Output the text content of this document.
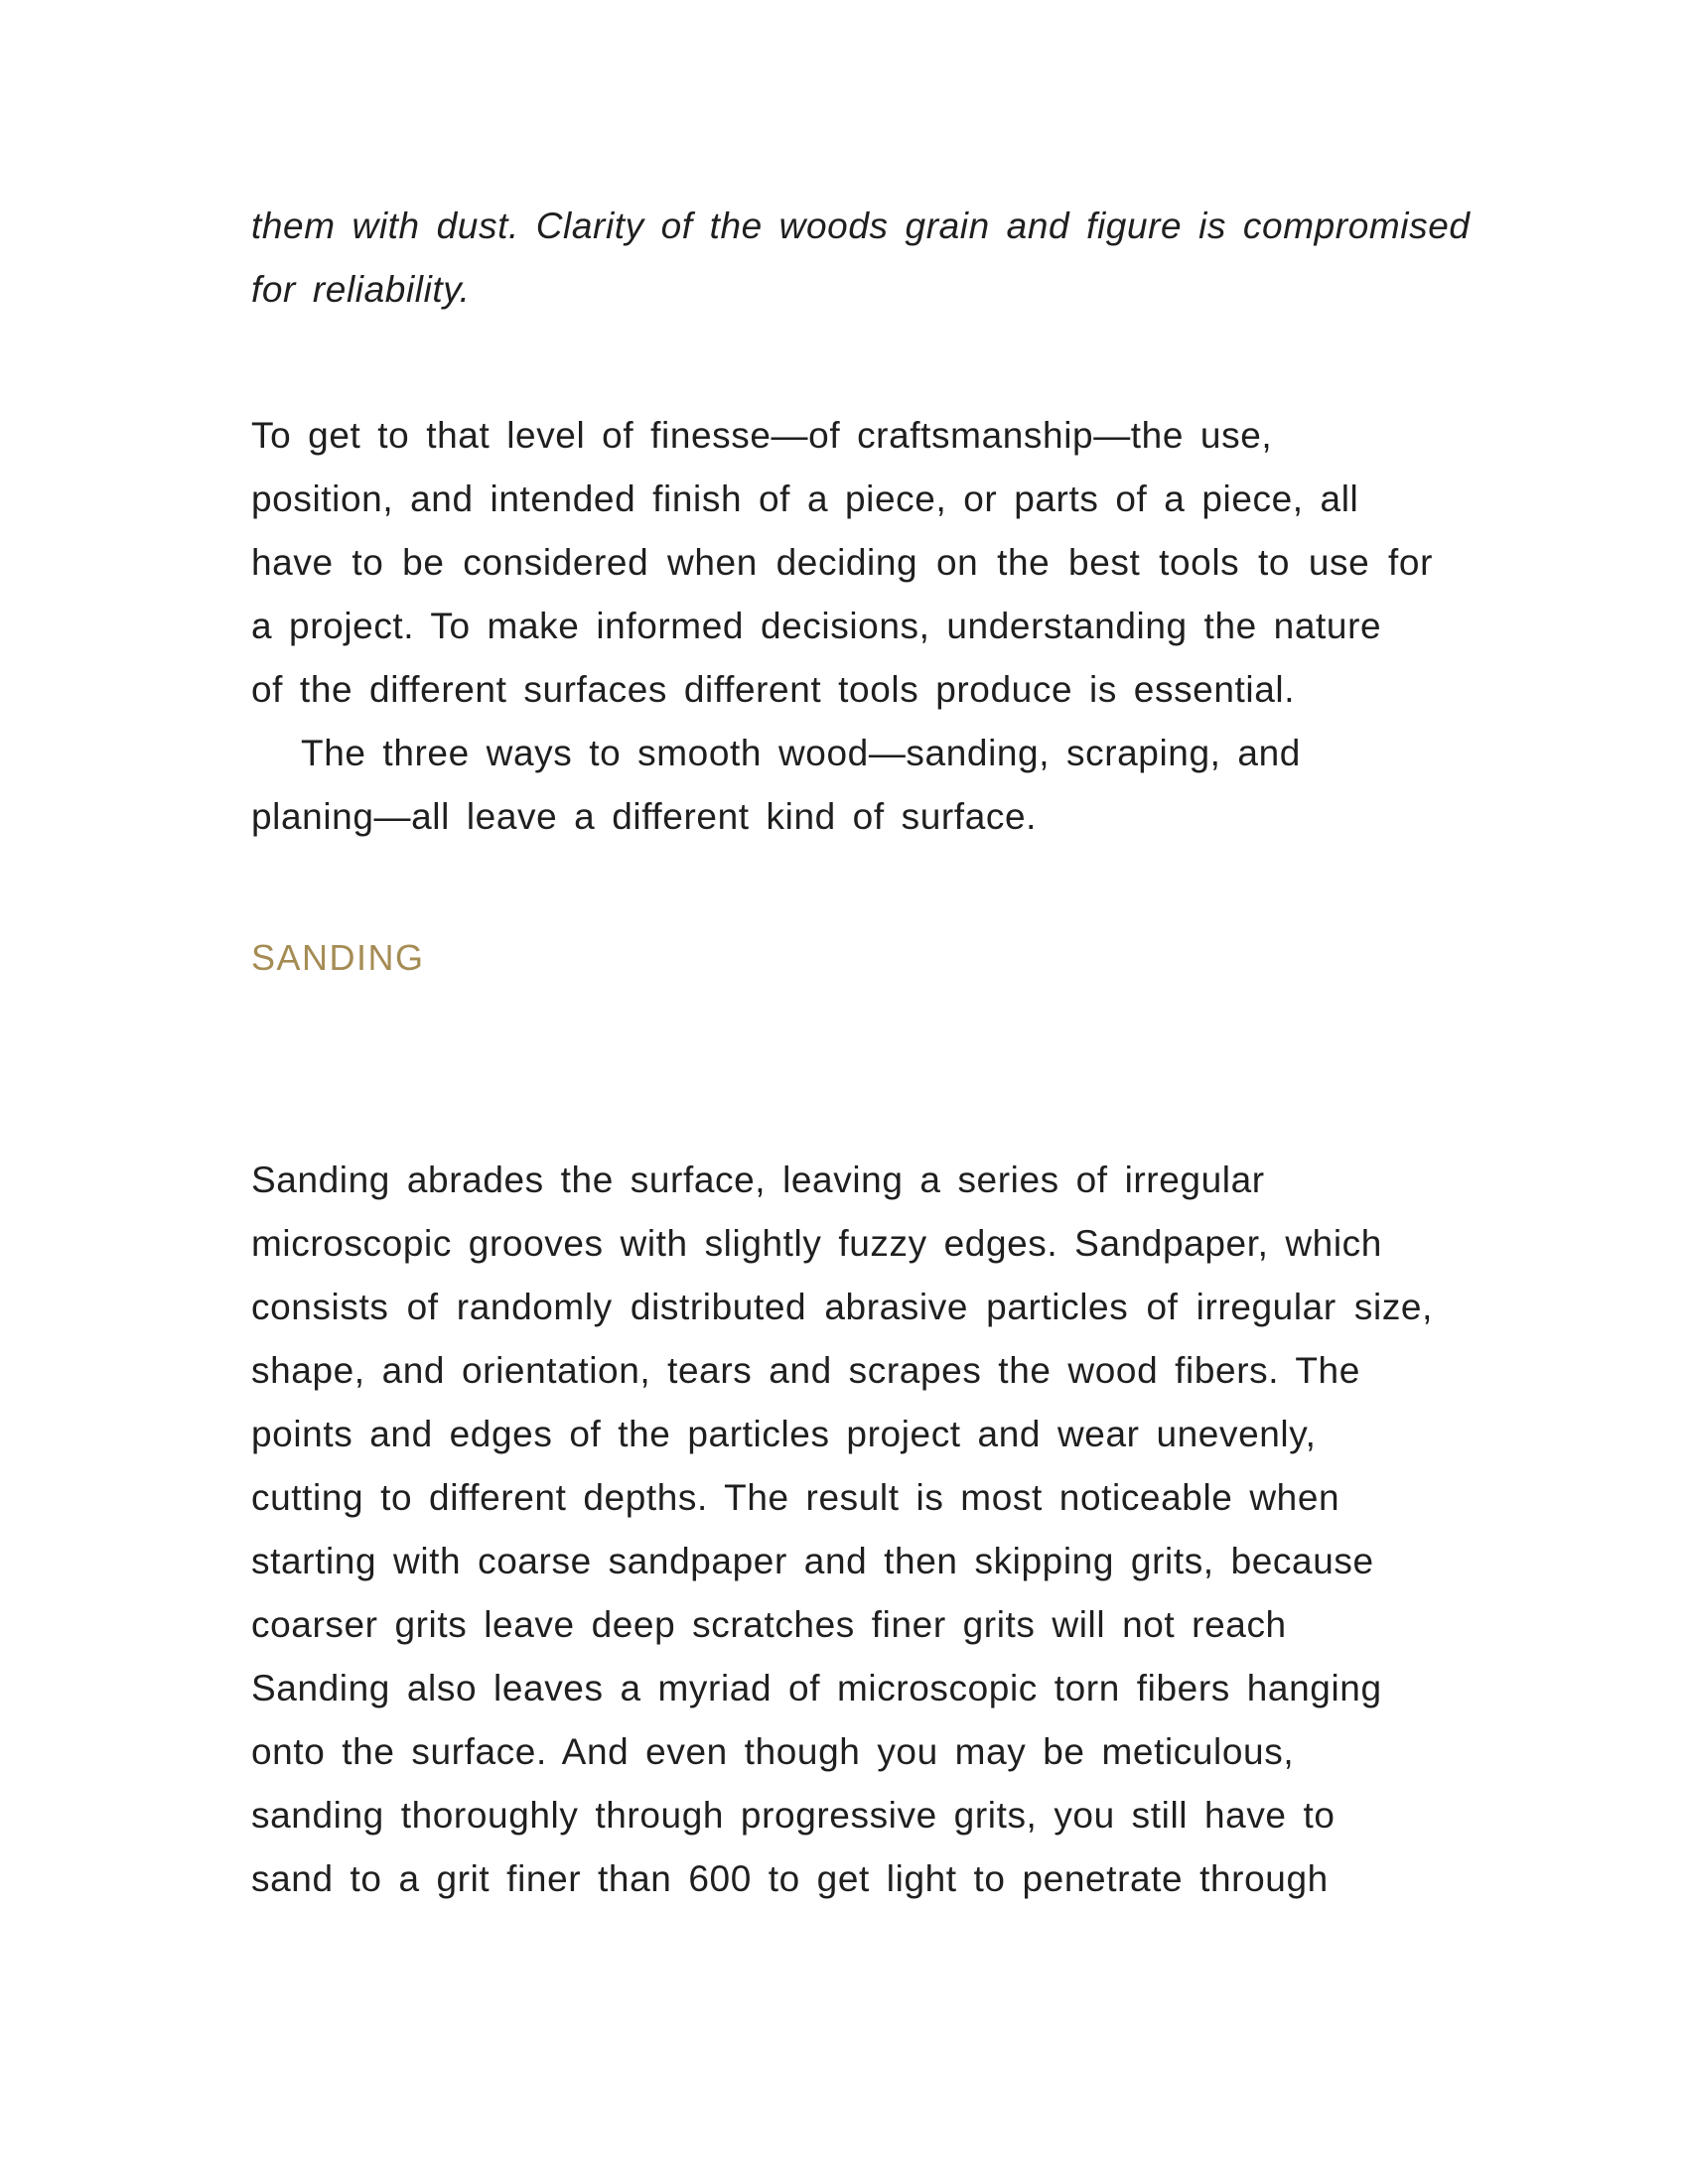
them with dust. Clarity of the woods grain and figure is compromised
for reliability.
To get to that level of finesse—of craftsmanship—the use,
position, and intended finish of a piece, or parts of a piece, all
have to be considered when deciding on the best tools to use for
a project. To make informed decisions, understanding the nature
of the different surfaces different tools produce is essential.
The three ways to smooth wood—sanding, scraping, and
planing—all leave a different kind of surface.
SANDING
Sanding abrades the surface, leaving a series of irregular
microscopic grooves with slightly fuzzy edges. Sandpaper, which
consists of randomly distributed abrasive particles of irregular size,
shape, and orientation, tears and scrapes the wood fibers. The
points and edges of the particles project and wear unevenly,
cutting to different depths. The result is most noticeable when
starting with coarse sandpaper and then skipping grits, because
coarser grits leave deep scratches finer grits will not reach
Sanding also leaves a myriad of microscopic torn fibers hanging
onto the surface. And even though you may be meticulous,
sanding thoroughly through progressive grits, you still have to
sand to a grit finer than 600 to get light to penetrate through
